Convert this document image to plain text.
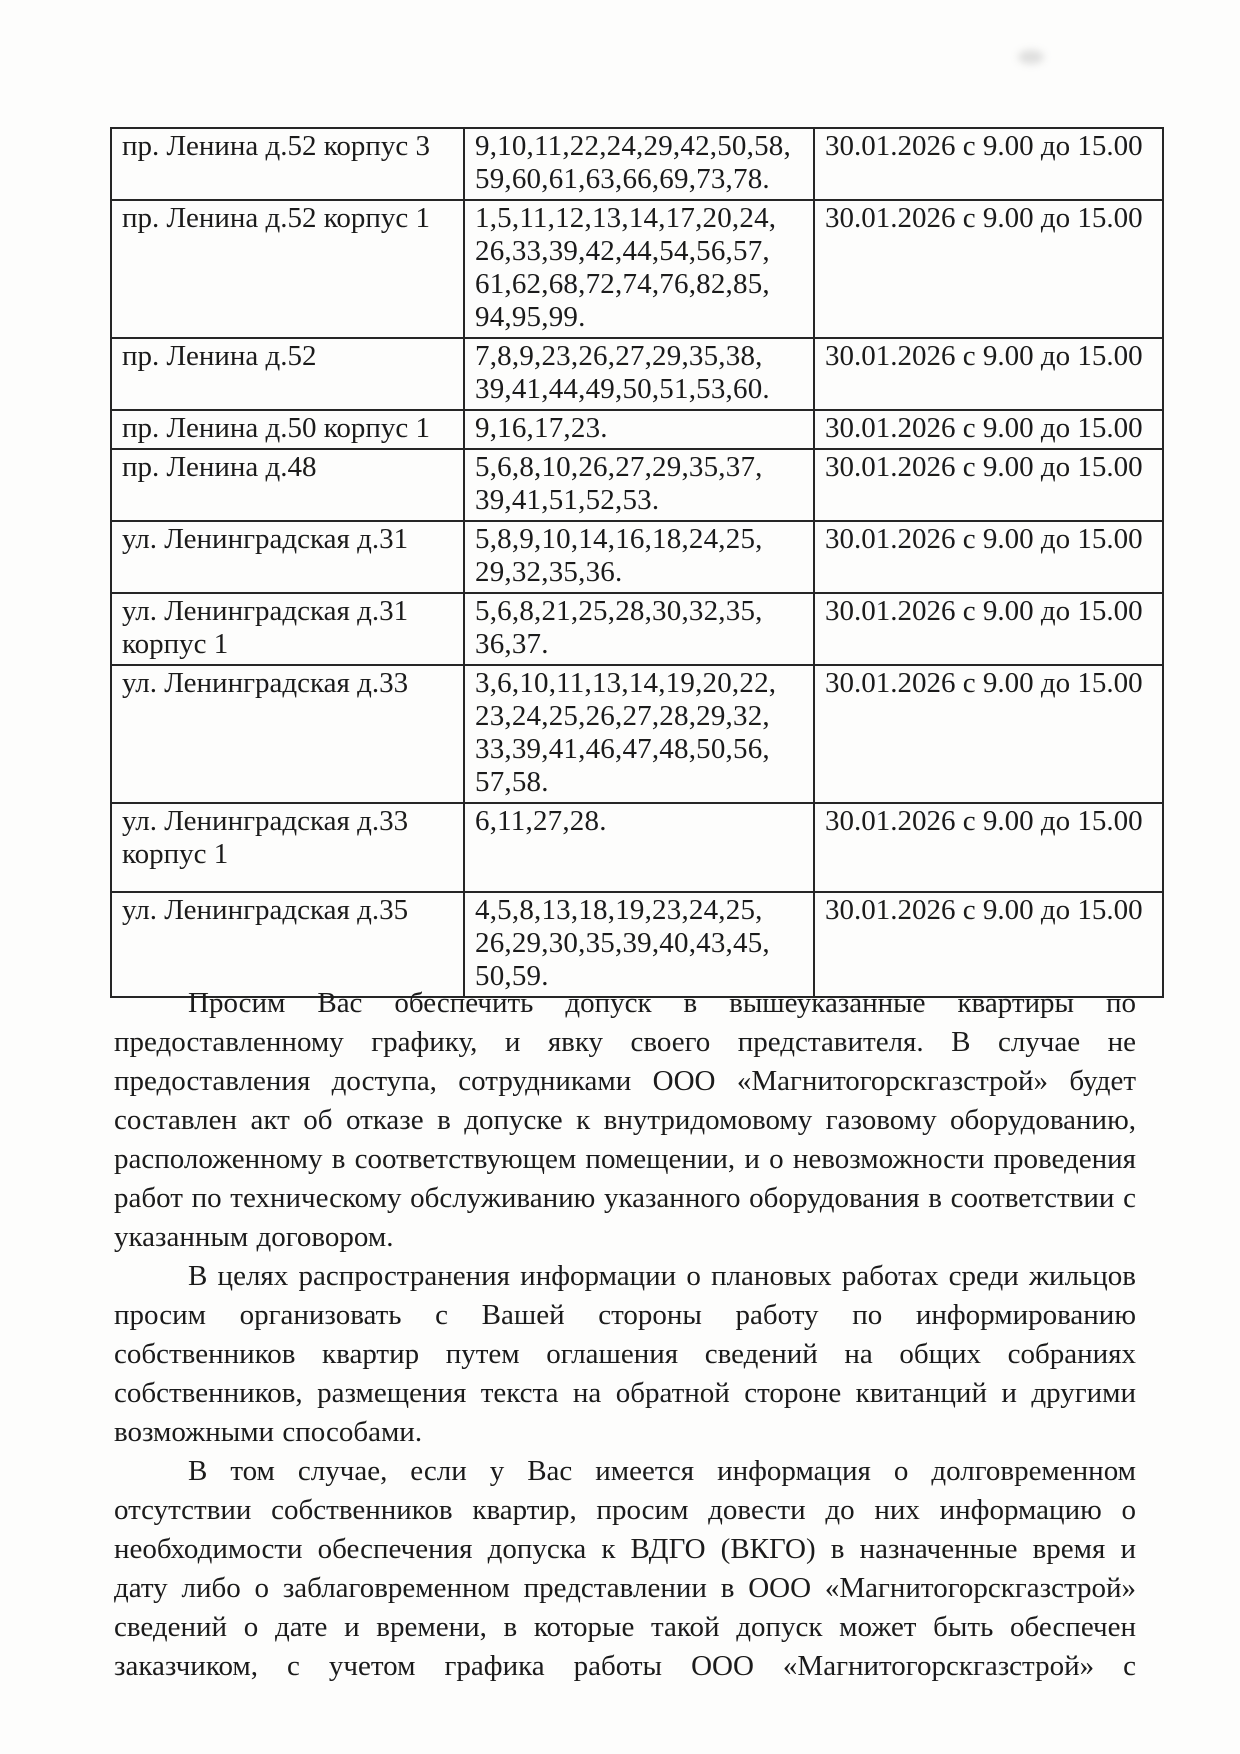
пр. Ленина д.52 корпус 3	9,10,11,22,24,29,42,50,58,59,60,61,63,66,69,73,78.	30.01.2026 с 9.00 до 15.00
пр. Ленина д.52 корпус 1	1,5,11,12,13,14,17,20,24,26,33,39,42,44,54,56,57,61,62,68,72,74,76,82,85,94,95,99.	30.01.2026 с 9.00 до 15.00
пр. Ленина д.52	7,8,9,23,26,27,29,35,38,39,41,44,49,50,51,53,60.	30.01.2026 с 9.00 до 15.00
пр. Ленина д.50 корпус 1	9,16,17,23.	30.01.2026 с 9.00 до 15.00
пр. Ленина д.48	5,6,8,10,26,27,29,35,37,39,41,51,52,53.	30.01.2026 с 9.00 до 15.00
ул. Ленинградская д.31	5,8,9,10,14,16,18,24,25,29,32,35,36.	30.01.2026 с 9.00 до 15.00
ул. Ленинградская д.31 корпус 1	5,6,8,21,25,28,30,32,35,36,37.	30.01.2026 с 9.00 до 15.00
ул. Ленинградская д.33	3,6,10,11,13,14,19,20,22,23,24,25,26,27,28,29,32,33,39,41,46,47,48,50,56,57,58.	30.01.2026 с 9.00 до 15.00
ул. Ленинградская д.33 корпус 1	6,11,27,28.	30.01.2026 с 9.00 до 15.00
ул. Ленинградская д.35	4,5,8,13,18,19,23,24,25,26,29,30,35,39,40,43,45,50,59.	30.01.2026 с 9.00 до 15.00

Просим Вас обеспечить допуск в вышеуказанные квартиры по предоставленному графику, и явку своего представителя. В случае не предоставления доступа, сотрудниками ООО «Магнитогорскгазстрой» будет составлен акт об отказе в допуске к внутридомовому газовому оборудованию, расположенному в соответствующем помещении, и о невозможности проведения работ по техническому обслуживанию указанного оборудования в соответствии с указанным договором.

В целях распространения информации о плановых работах среди жильцов просим организовать с Вашей стороны работу по информированию собственников квартир путем оглашения сведений на общих собраниях собственников, размещения текста на обратной стороне квитанций и другими возможными способами.

В том случае, если у Вас имеется информация о долговременном отсутствии собственников квартир, просим довести до них информацию о необходимости обеспечения допуска к ВДГО (ВКГО) в назначенные время и дату либо о заблаговременном представлении в ООО «Магнитогорскгазстрой» сведений о дате и времени, в которые такой допуск может быть обеспечен заказчиком, с учетом графика работы ООО «Магнитогорскгазстрой» с
